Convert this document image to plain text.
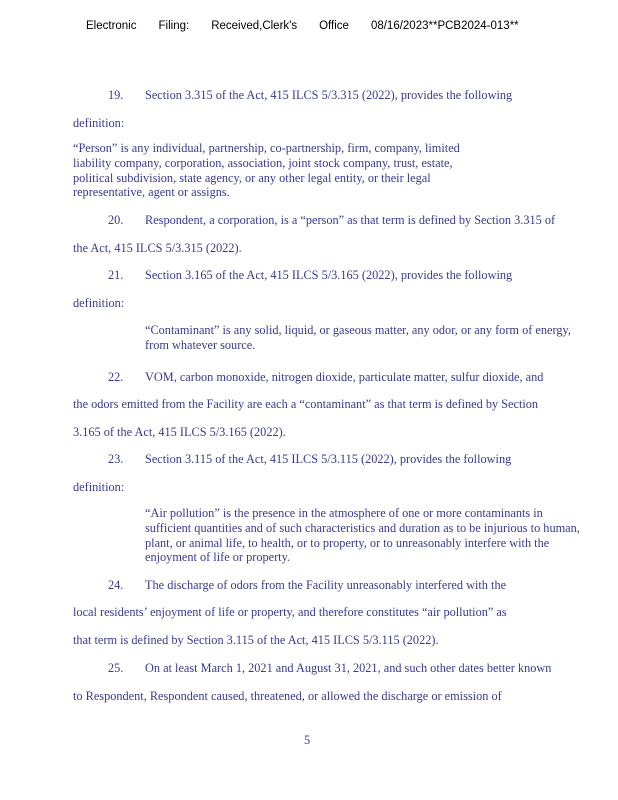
Electronic Filing: Received,Clerk's Office 08/16/2023**PCB2024-013**
19. Section 3.315 of the Act, 415 ILCS 5/3.315 (2022), provides the following
definition:
“Person” is any individual, partnership, co-partnership, firm, company, limited liability company, corporation, association, joint stock company, trust, estate, political subdivision, state agency, or any other legal entity, or their legal representative, agent or assigns.
20. Respondent, a corporation, is a “person” as that term is defined by Section 3.315 of
the Act, 415 ILCS 5/3.315 (2022).
21. Section 3.165 of the Act, 415 ILCS 5/3.165 (2022), provides the following
definition:
“Contaminant” is any solid, liquid, or gaseous matter, any odor, or any form of energy, from whatever source.
22. VOM, carbon monoxide, nitrogen dioxide, particulate matter, sulfur dioxide, and
the odors emitted from the Facility are each a “contaminant” as that term is defined by Section
3.165 of the Act, 415 ILCS 5/3.165 (2022).
23. Section 3.115 of the Act, 415 ILCS 5/3.115 (2022), provides the following
definition:
“Air pollution” is the presence in the atmosphere of one or more contaminants in sufficient quantities and of such characteristics and duration as to be injurious to human, plant, or animal life, to health, or to property, or to unreasonably interfere with the enjoyment of life or property.
24. The discharge of odors from the Facility unreasonably interfered with the
local residents’ enjoyment of life or property, and therefore constitutes “air pollution” as
that term is defined by Section 3.115 of the Act, 415 ILCS 5/3.115 (2022).
25. On at least March 1, 2021 and August 31, 2021, and such other dates better known
to Respondent, Respondent caused, threatened, or allowed the discharge or emission of
5
